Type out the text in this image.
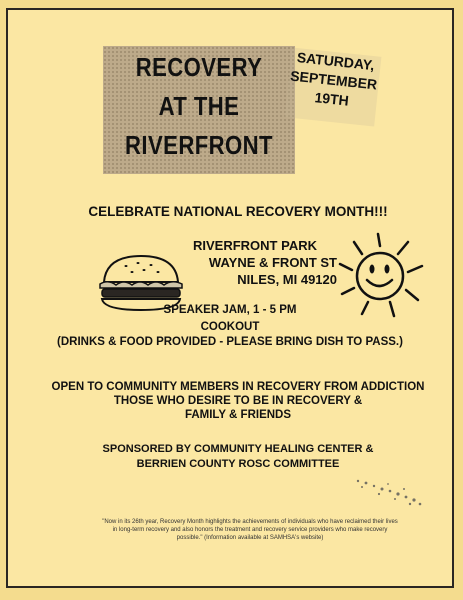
RECOVERY
AT THE
RIVERFRONT
SATURDAY,
SEPTEMBER
19TH
CELEBRATE NATIONAL RECOVERY MONTH!!!
RIVERFRONT PARK
WAYNE & FRONT ST
NILES, MI 49120
SPEAKER JAM, 1 - 5 PM
COOKOUT
(DRINKS & FOOD PROVIDED - PLEASE BRING DISH TO PASS.)
OPEN TO COMMUNITY MEMBERS IN RECOVERY FROM ADDICTION
THOSE WHO DESIRE TO BE IN RECOVERY &
FAMILY & FRIENDS
SPONSORED BY COMMUNITY HEALING CENTER &
BERRIEN COUNTY ROSC COMMITTEE
"Now in its 26th year, Recovery Month highlights the achievements of individuals who have reclaimed their lives in long-term recovery and also honors the treatment and recovery service providers who make recovery possible." (Information available at SAMHSA's website)
